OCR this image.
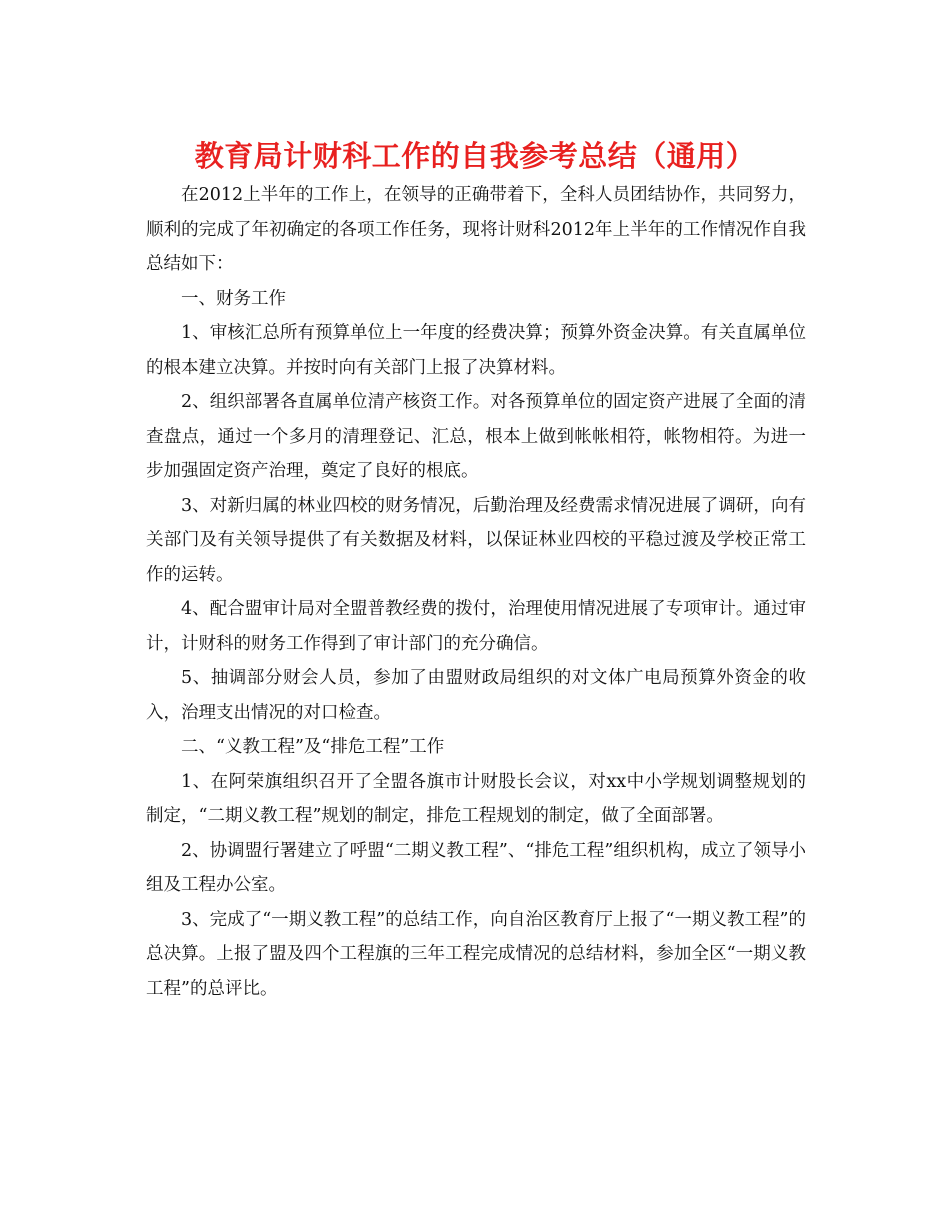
教育局计财科工作的自我参考总结（通用）

在2012上半年的工作上，在领导的正确带着下，全科人员团结协作，共同努力，顺利的完成了年初确定的各项工作任务，现将计财科2012年上半年的工作情况作自我总结如下：

一、财务工作

1、审核汇总所有预算单位上一年度的经费决算；预算外资金决算。有关直属单位的根本建立决算。并按时向有关部门上报了决算材料。

2、组织部署各直属单位清产核资工作。对各预算单位的固定资产进展了全面的清查盘点，通过一个多月的清理登记、汇总，根本上做到帐帐相符，帐物相符。为进一步加强固定资产治理，奠定了良好的根底。

3、对新归属的林业四校的财务情况，后勤治理及经费需求情况进展了调研，向有关部门及有关领导提供了有关数据及材料，以保证林业四校的平稳过渡及学校正常工作的运转。

4、配合盟审计局对全盟普教经费的拨付，治理使用情况进展了专项审计。通过审计，计财科的财务工作得到了审计部门的充分确信。

5、抽调部分财会人员，参加了由盟财政局组织的对文体广电局预算外资金的收入，治理支出情况的对口检查。

二、“义教工程”及“排危工程”工作

1、在阿荣旗组织召开了全盟各旗市计财股长会议，对xx中小学规划调整规划的制定，“二期义教工程”规划的制定，排危工程规划的制定，做了全面部署。

2、协调盟行署建立了呼盟“二期义教工程”、“排危工程”组织机构，成立了领导小组及工程办公室。

3、完成了“一期义教工程”的总结工作，向自治区教育厅上报了“一期义教工程”的总决算。上报了盟及四个工程旗的三年工程完成情况的总结材料，参加全区“一期义教工程”的总评比。
